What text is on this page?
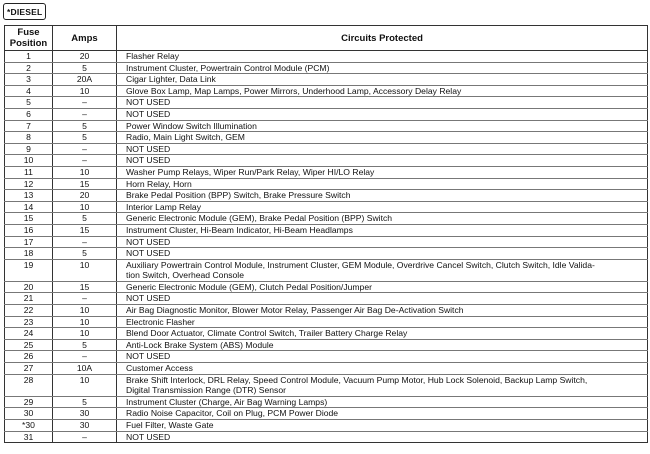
*DIESEL
Fuse
Position	Amps	Circuits Protected
1	20	Flasher Relay

2	5	Instrument Cluster, Powertrain Control Module (PCM)

3	20A	Cigar Lighter, Data Link

4	10	Glove Box Lamp, Map Lamps, Power Mirrors, Underhood Lamp, Accessory Delay Relay

5	–	NOT USED

6	–	NOT USED

7	5	Power Window Switch Illumination

8	5	Radio, Main Light Switch, GEM

9	–	NOT USED

10	–	NOT USED

11	10	Washer Pump Relays, Wiper Run/Park Relay, Wiper HI/LO Relay

12	15	Horn Relay, Horn

13	20	Brake Pedal Position (BPP) Switch, Brake Pressure Switch

14	10	Interior Lamp Relay

15	5	Generic Electronic Module (GEM), Brake Pedal Position (BPP) Switch

16	15	Instrument Cluster, Hi-Beam Indicator, Hi-Beam Headlamps

17	–	NOT USED

18	5	NOT USED

19	10	Auxiliary Powertrain Control Module, Instrument Cluster, GEM Module, Overdrive Cancel Switch, Clutch Switch, Idle Valida-
tion Switch, Overhead Console

20	15	Generic Electronic Module (GEM), Clutch Pedal Position/Jumper

21	–	NOT USED

22	10	Air Bag Diagnostic Monitor, Blower Motor Relay, Passenger Air Bag De-Activation Switch

23	10	Electronic Flasher

24	10	Blend Door Actuator, Climate Control Switch, Trailer Battery Charge Relay

25	5	Anti-Lock Brake System (ABS) Module

26	–	NOT USED

27	10A	Customer Access

28	10	Brake Shift Interlock, DRL Relay, Speed Control Module, Vacuum Pump Motor, Hub Lock Solenoid, Backup Lamp Switch,
Digital Transmission Range (DTR) Sensor

29	5	Instrument Cluster (Charge, Air Bag Warning Lamps)

30	30	Radio Noise Capacitor, Coil on Plug, PCM Power Diode

*30	30	Fuel Filter, Waste Gate

31	–	NOT USED
